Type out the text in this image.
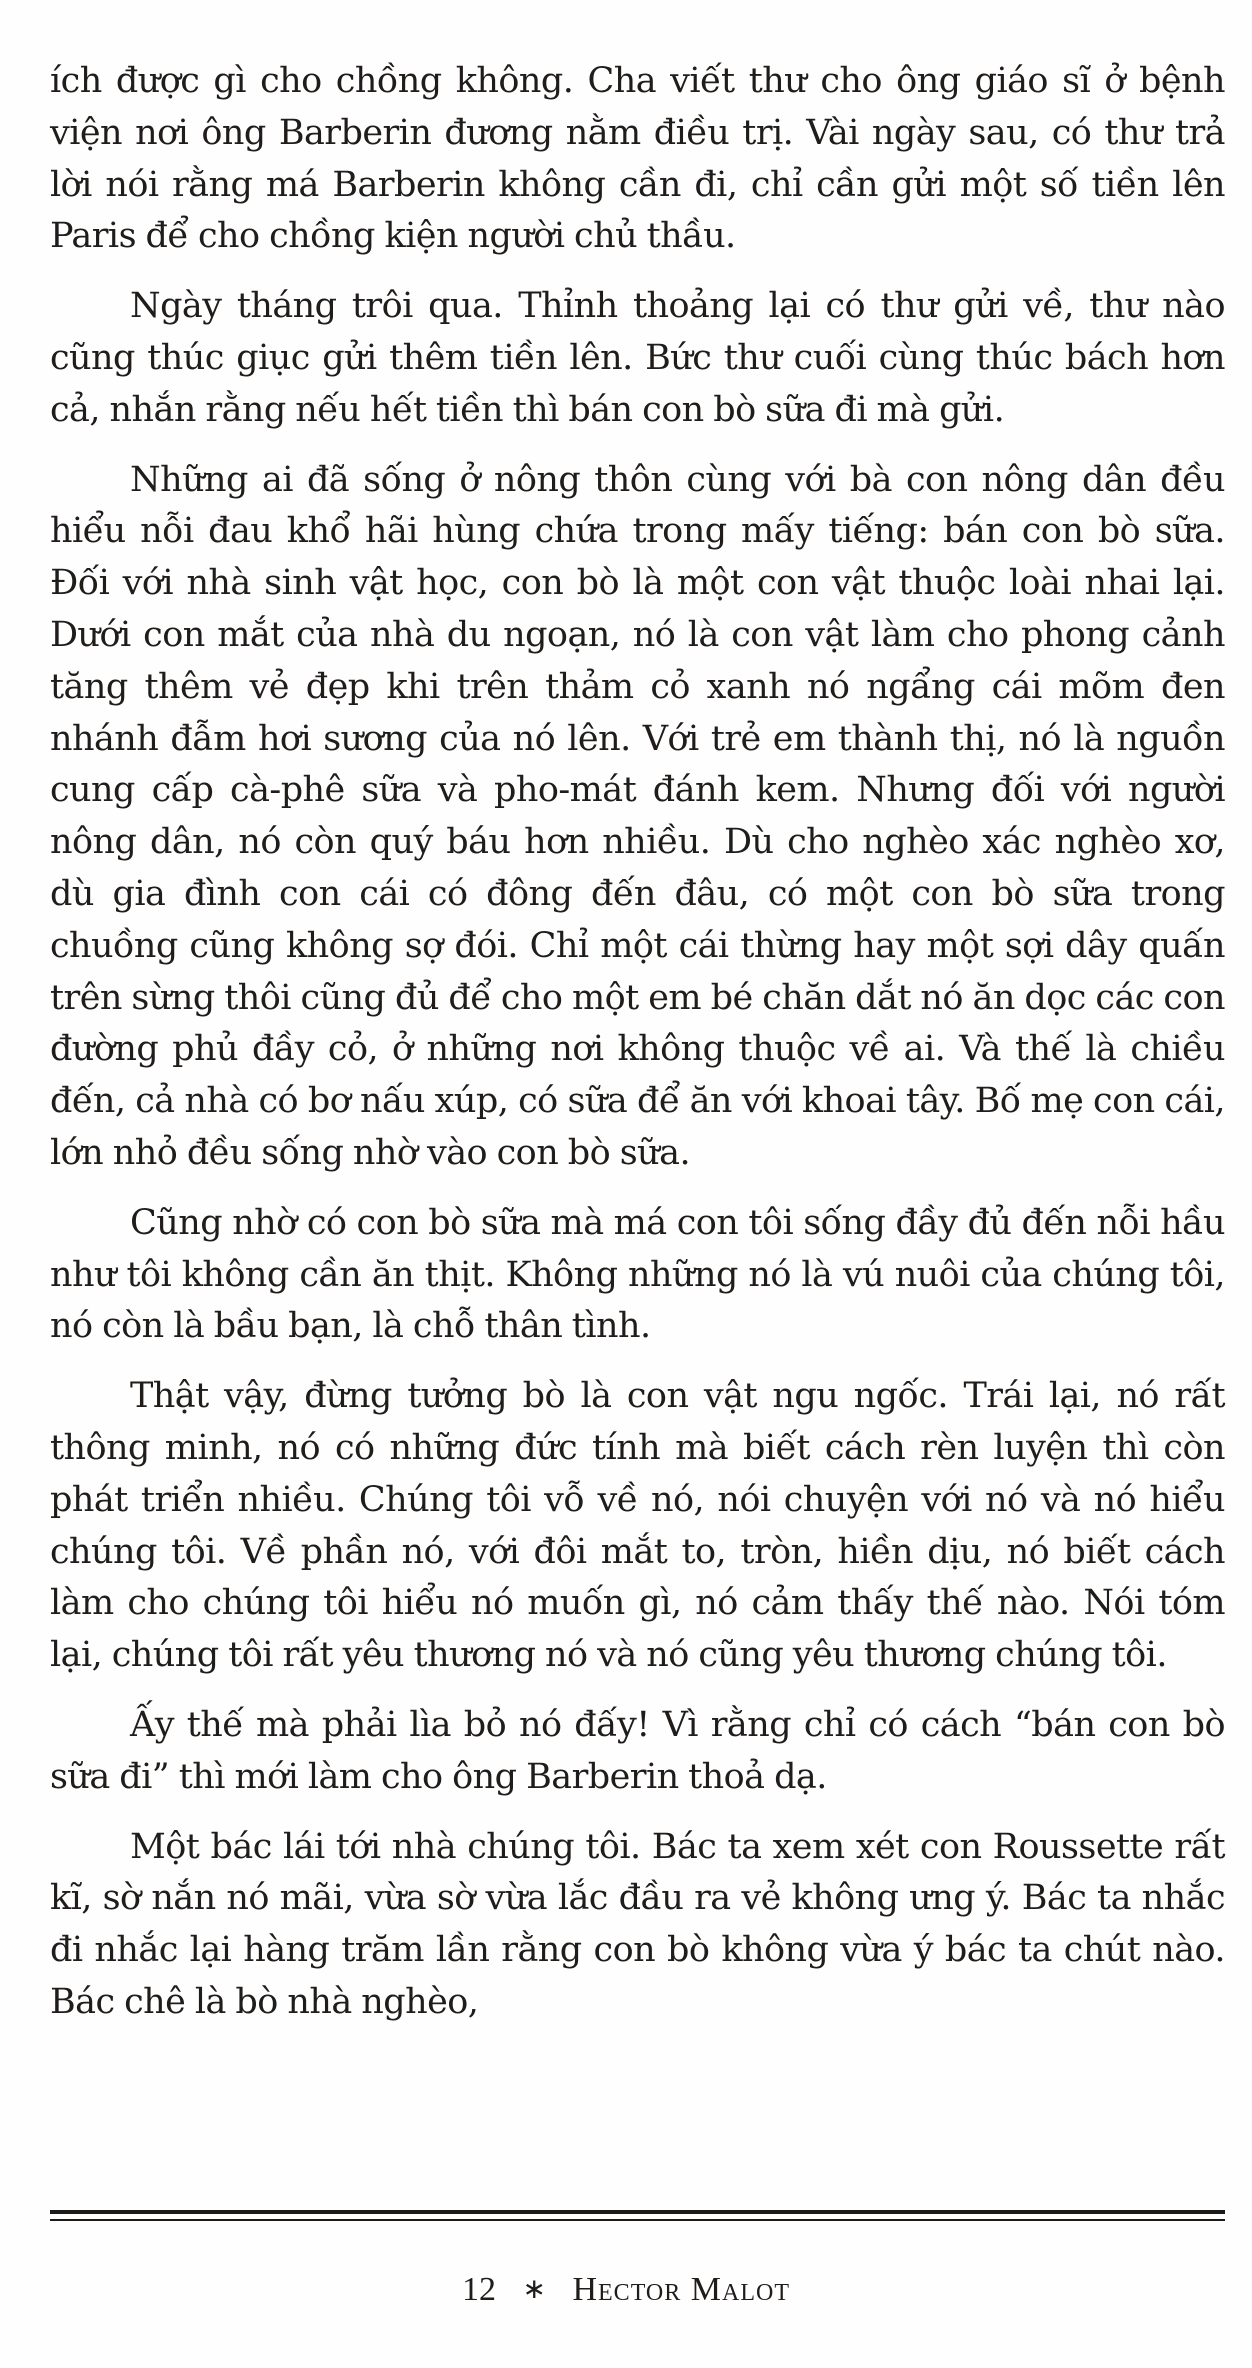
ích được gì cho chồng không. Cha viết thư cho ông giáo sĩ ở bệnh viện nơi ông Barberin đương nằm điều trị. Vài ngày sau, có thư trả lời nói rằng má Barberin không cần đi, chỉ cần gửi một số tiền lên Paris để cho chồng kiện người chủ thầu.

Ngày tháng trôi qua. Thỉnh thoảng lại có thư gửi về, thư nào cũng thúc giục gửi thêm tiền lên. Bức thư cuối cùng thúc bách hơn cả, nhắn rằng nếu hết tiền thì bán con bò sữa đi mà gửi.

Những ai đã sống ở nông thôn cùng với bà con nông dân đều hiểu nỗi đau khổ hãi hùng chứa trong mấy tiếng: bán con bò sữa. Đối với nhà sinh vật học, con bò là một con vật thuộc loài nhai lại. Dưới con mắt của nhà du ngoạn, nó là con vật làm cho phong cảnh tăng thêm vẻ đẹp khi trên thảm cỏ xanh nó ngẩng cái mõm đen nhánh đẫm hơi sương của nó lên. Với trẻ em thành thị, nó là nguồn cung cấp cà-phê sữa và pho-mát đánh kem. Nhưng đối với người nông dân, nó còn quý báu hơn nhiều. Dù cho nghèo xác nghèo xơ, dù gia đình con cái có đông đến đâu, có một con bò sữa trong chuồng cũng không sợ đói. Chỉ một cái thừng hay một sợi dây quấn trên sừng thôi cũng đủ để cho một em bé chăn dắt nó ăn dọc các con đường phủ đầy cỏ, ở những nơi không thuộc về ai. Và thế là chiều đến, cả nhà có bơ nấu xúp, có sữa để ăn với khoai tây. Bố mẹ con cái, lớn nhỏ đều sống nhờ vào con bò sữa.

Cũng nhờ có con bò sữa mà má con tôi sống đầy đủ đến nỗi hầu như tôi không cần ăn thịt. Không những nó là vú nuôi của chúng tôi, nó còn là bầu bạn, là chỗ thân tình.

Thật vậy, đừng tưởng bò là con vật ngu ngốc. Trái lại, nó rất thông minh, nó có những đức tính mà biết cách rèn luyện thì còn phát triển nhiều. Chúng tôi vỗ về nó, nói chuyện với nó và nó hiểu chúng tôi. Về phần nó, với đôi mắt to, tròn, hiền dịu, nó biết cách làm cho chúng tôi hiểu nó muốn gì, nó cảm thấy thế nào. Nói tóm lại, chúng tôi rất yêu thương nó và nó cũng yêu thương chúng tôi.

Ấy thế mà phải lìa bỏ nó đấy! Vì rằng chỉ có cách “bán con bò sữa đi” thì mới làm cho ông Barberin thoả dạ.

Một bác lái tới nhà chúng tôi. Bác ta xem xét con Roussette rất kĩ, sờ nắn nó mãi, vừa sờ vừa lắc đầu ra vẻ không ưng ý. Bác ta nhắc đi nhắc lại hàng trăm lần rằng con bò không vừa ý bác ta chút nào. Bác chê là bò nhà nghèo,

12 ∗ Hector Malot
